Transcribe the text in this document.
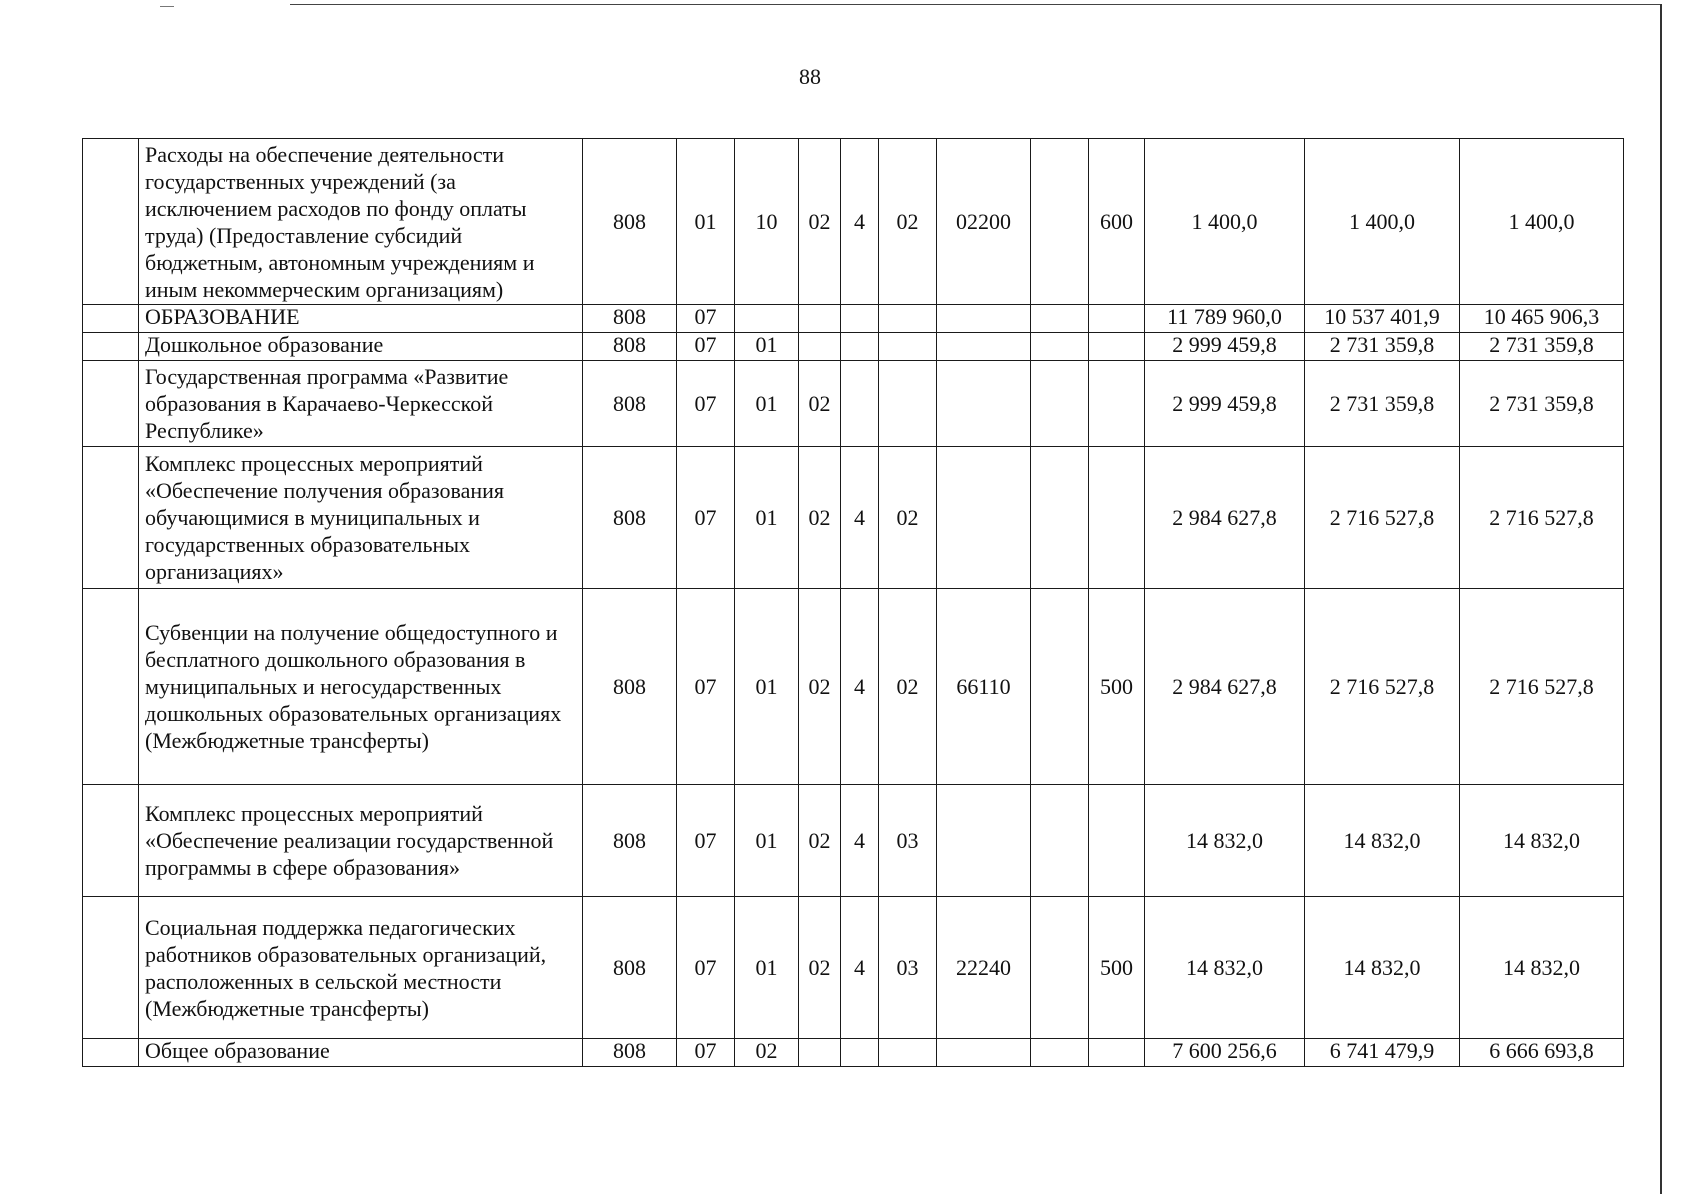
88
	Расходы на обеспечение деятельности государственных учреждений (за исключением расходов по фонду оплаты труда) (Предоставление субсидий бюджетным, автономным учреждениям и иным некоммерческим организациям)	808	01	10	02	4	02	02200		600	1 400,0	1 400,0	1 400,0
	ОБРАЗОВАНИЕ	808	07								11 789 960,0	10 537 401,9	10 465 906,3
	Дошкольное образование	808	07	01							2 999 459,8	2 731 359,8	2 731 359,8
	Государственная программа «Развитие образования в Карачаево-Черкесской Республике»	808	07	01	02						2 999 459,8	2 731 359,8	2 731 359,8
	Комплекс процессных мероприятий «Обеспечение получения образования обучающимися в муниципальных и государственных образовательных организациях»	808	07	01	02	4	02				2 984 627,8	2 716 527,8	2 716 527,8
	Субвенции на получение общедоступного и бесплатного дошкольного образования в муниципальных и негосударственных дошкольных образовательных организациях (Межбюджетные трансферты)	808	07	01	02	4	02	66110		500	2 984 627,8	2 716 527,8	2 716 527,8
	Комплекс процессных мероприятий «Обеспечение реализации государственной программы в сфере образования»	808	07	01	02	4	03				14 832,0	14 832,0	14 832,0
	Социальная поддержка педагогических работников образовательных организаций, расположенных в сельской местности (Межбюджетные трансферты)	808	07	01	02	4	03	22240		500	14 832,0	14 832,0	14 832,0
	Общее образование	808	07	02							7 600 256,6	6 741 479,9	6 666 693,8
